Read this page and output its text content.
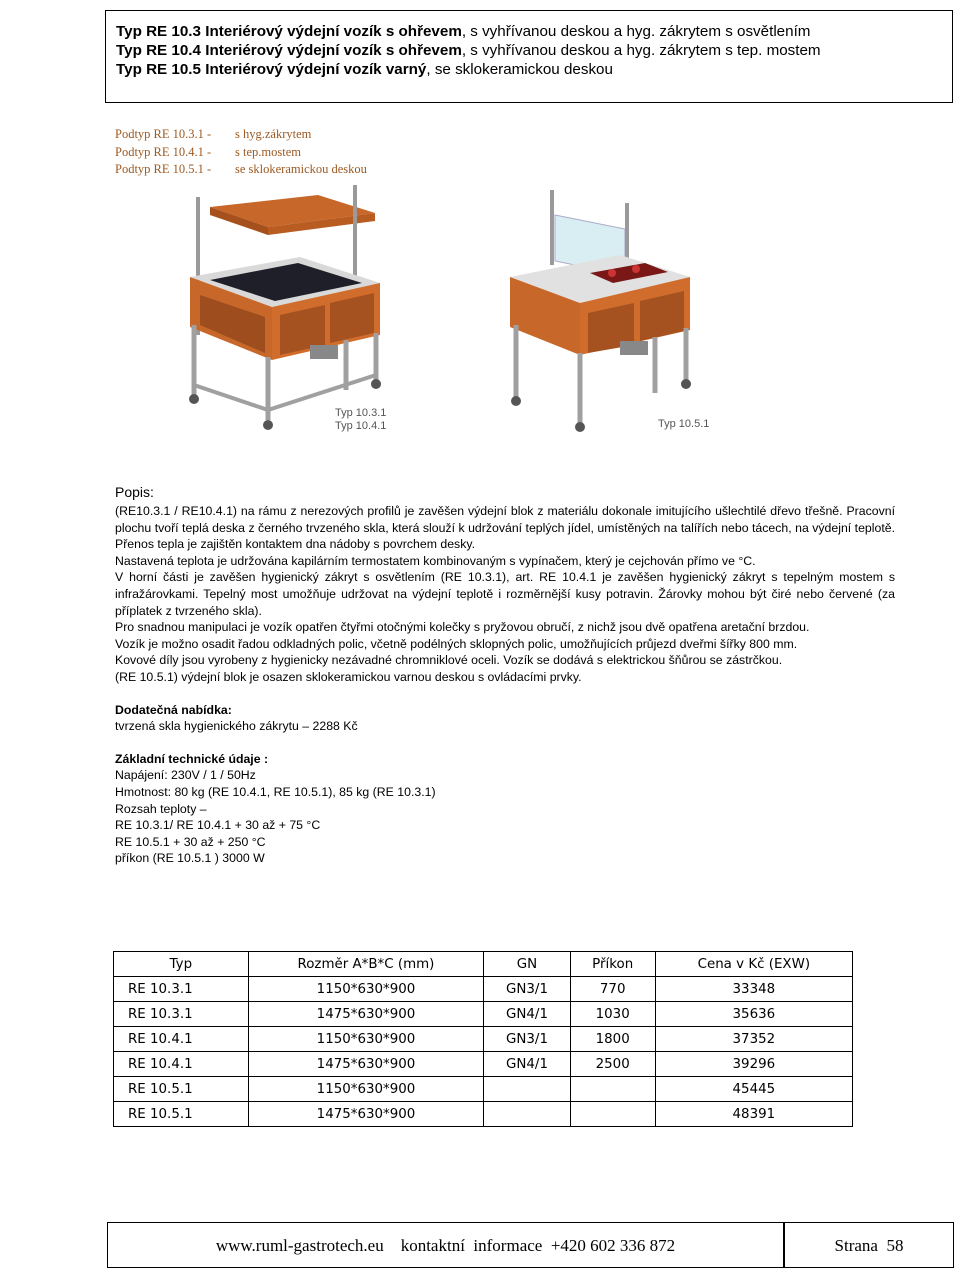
Typ RE 10.3 Interiérový výdejní vozík s ohřevem, s vyhřívanou deskou a hyg. zákrytem s osvětlením
Typ RE 10.4 Interiérový výdejní vozík s ohřevem, s vyhřívanou deskou a hyg. zákrytem s tep. mostem
Typ RE 10.5 Interiérový výdejní vozík varný, se sklokeramickou deskou
Podtyp RE 10.3.1 - s hyg.zákrytem
Podtyp RE 10.4.1 - s tep.mostem
Podtyp RE 10.5.1 - se sklokeramickou deskou
Typ 10.3.1
Typ 10.4.1	Typ 10.5.1
Popis:

(RE10.3.1 / RE10.4.1) na rámu z nerezových profilů je zavěšen výdejní blok z materiálu dokonale imitujícího ušlechtilé dřevo třešně. Pracovní plochu tvoří teplá deska z černého trvzeného skla, která slouží k udržování teplých jídel, umístěných na talířích nebo tácech, na výdejní teplotě. Přenos tepla je zajištěn kontaktem dna nádoby s povrchem desky.

Nastavená teplota je udržována kapilárním termostatem kombinovaným s vypínačem, který je cejchován přímo ve °C.

V horní části je zavěšen hygienický zákryt s osvětlením (RE 10.3.1), art. RE 10.4.1 je zavěšen hygienický zákryt s tepelným mostem s infražárovkami. Tepelný most umožňuje udržovat na výdejní teplotě i rozměrnější kusy potravin. Žárovky mohou být čiré nebo červené (za příplatek z tvrzeného skla).

Pro snadnou manipulaci je vozík opatřen čtyřmi otočnými kolečky s pryžovou obručí, z nichž jsou dvě opatřena aretační brzdou.

Vozík je možno osadit řadou odkladných polic, včetně podélných sklopných polic, umožňujících průjezd dveřmi šířky 800 mm.

Kovové díly jsou vyrobeny z hygienicky nezávadné chromniklové oceli. Vozík se dodává s elektrickou šňůrou se zástrčkou.

(RE 10.5.1) výdejní blok je osazen sklokeramickou varnou deskou s ovládacími prvky.

Dodatečná nabídka:
tvrzená skla hygienického zákrytu – 2288 Kč
Základní technické údaje :
Napájení: 230V / 1 / 50Hz
Hmotnost: 80 kg (RE 10.4.1, RE 10.5.1), 85 kg (RE 10.3.1)
Rozsah teploty –
RE 10.3.1/ RE 10.4.1 + 30 až + 75 °C
RE 10.5.1 + 30 až + 250 °C
příkon (RE 10.5.1 ) 3000 W
Typ	Rozměr A*B*C (mm)	GN	Příkon	Cena v Kč (EXW)
RE 10.3.1	1150*630*900	GN3/1	770	33348
RE 10.3.1	1475*630*900	GN4/1	1030	35636
RE 10.4.1	1150*630*900	GN3/1	1800	37352
RE 10.4.1	1475*630*900	GN4/1	2500	39296
RE 10.5.1	1150*630*900			45445
RE 10.5.1	1475*630*900			48391
www.ruml-gastrotech.eu    kontaktní  informace  +420 602 336 872	Strana  58
